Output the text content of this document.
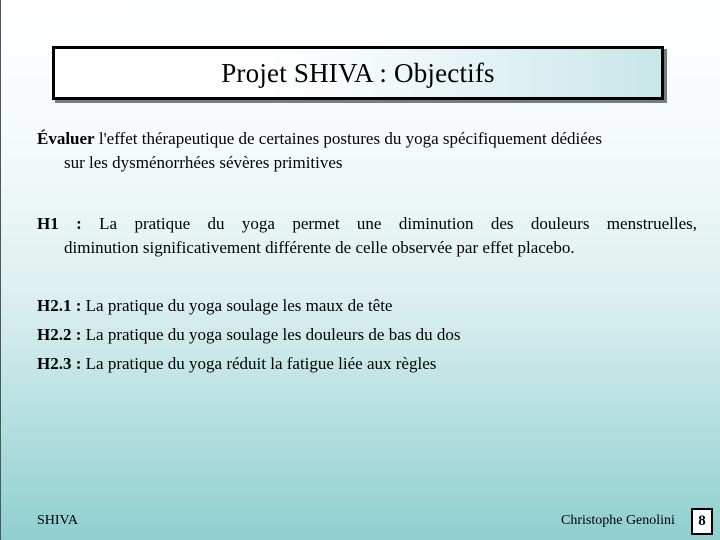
Projet SHIVA : Objectifs
Évaluer l'effet thérapeutique de certaines postures du yoga spécifiquement dédiées
sur les dysménorrhées sévères primitives
H1 : La pratique du yoga permet une diminution des douleurs menstruelles,
diminution significativement différente de celle observée par effet placebo.
H2.1 : La pratique du yoga soulage les maux de tête
H2.2 : La pratique du yoga soulage les douleurs de bas du dos
H2.3 : La pratique du yoga réduit la fatigue liée aux règles
SHIVA	Christophe Genolini	8
